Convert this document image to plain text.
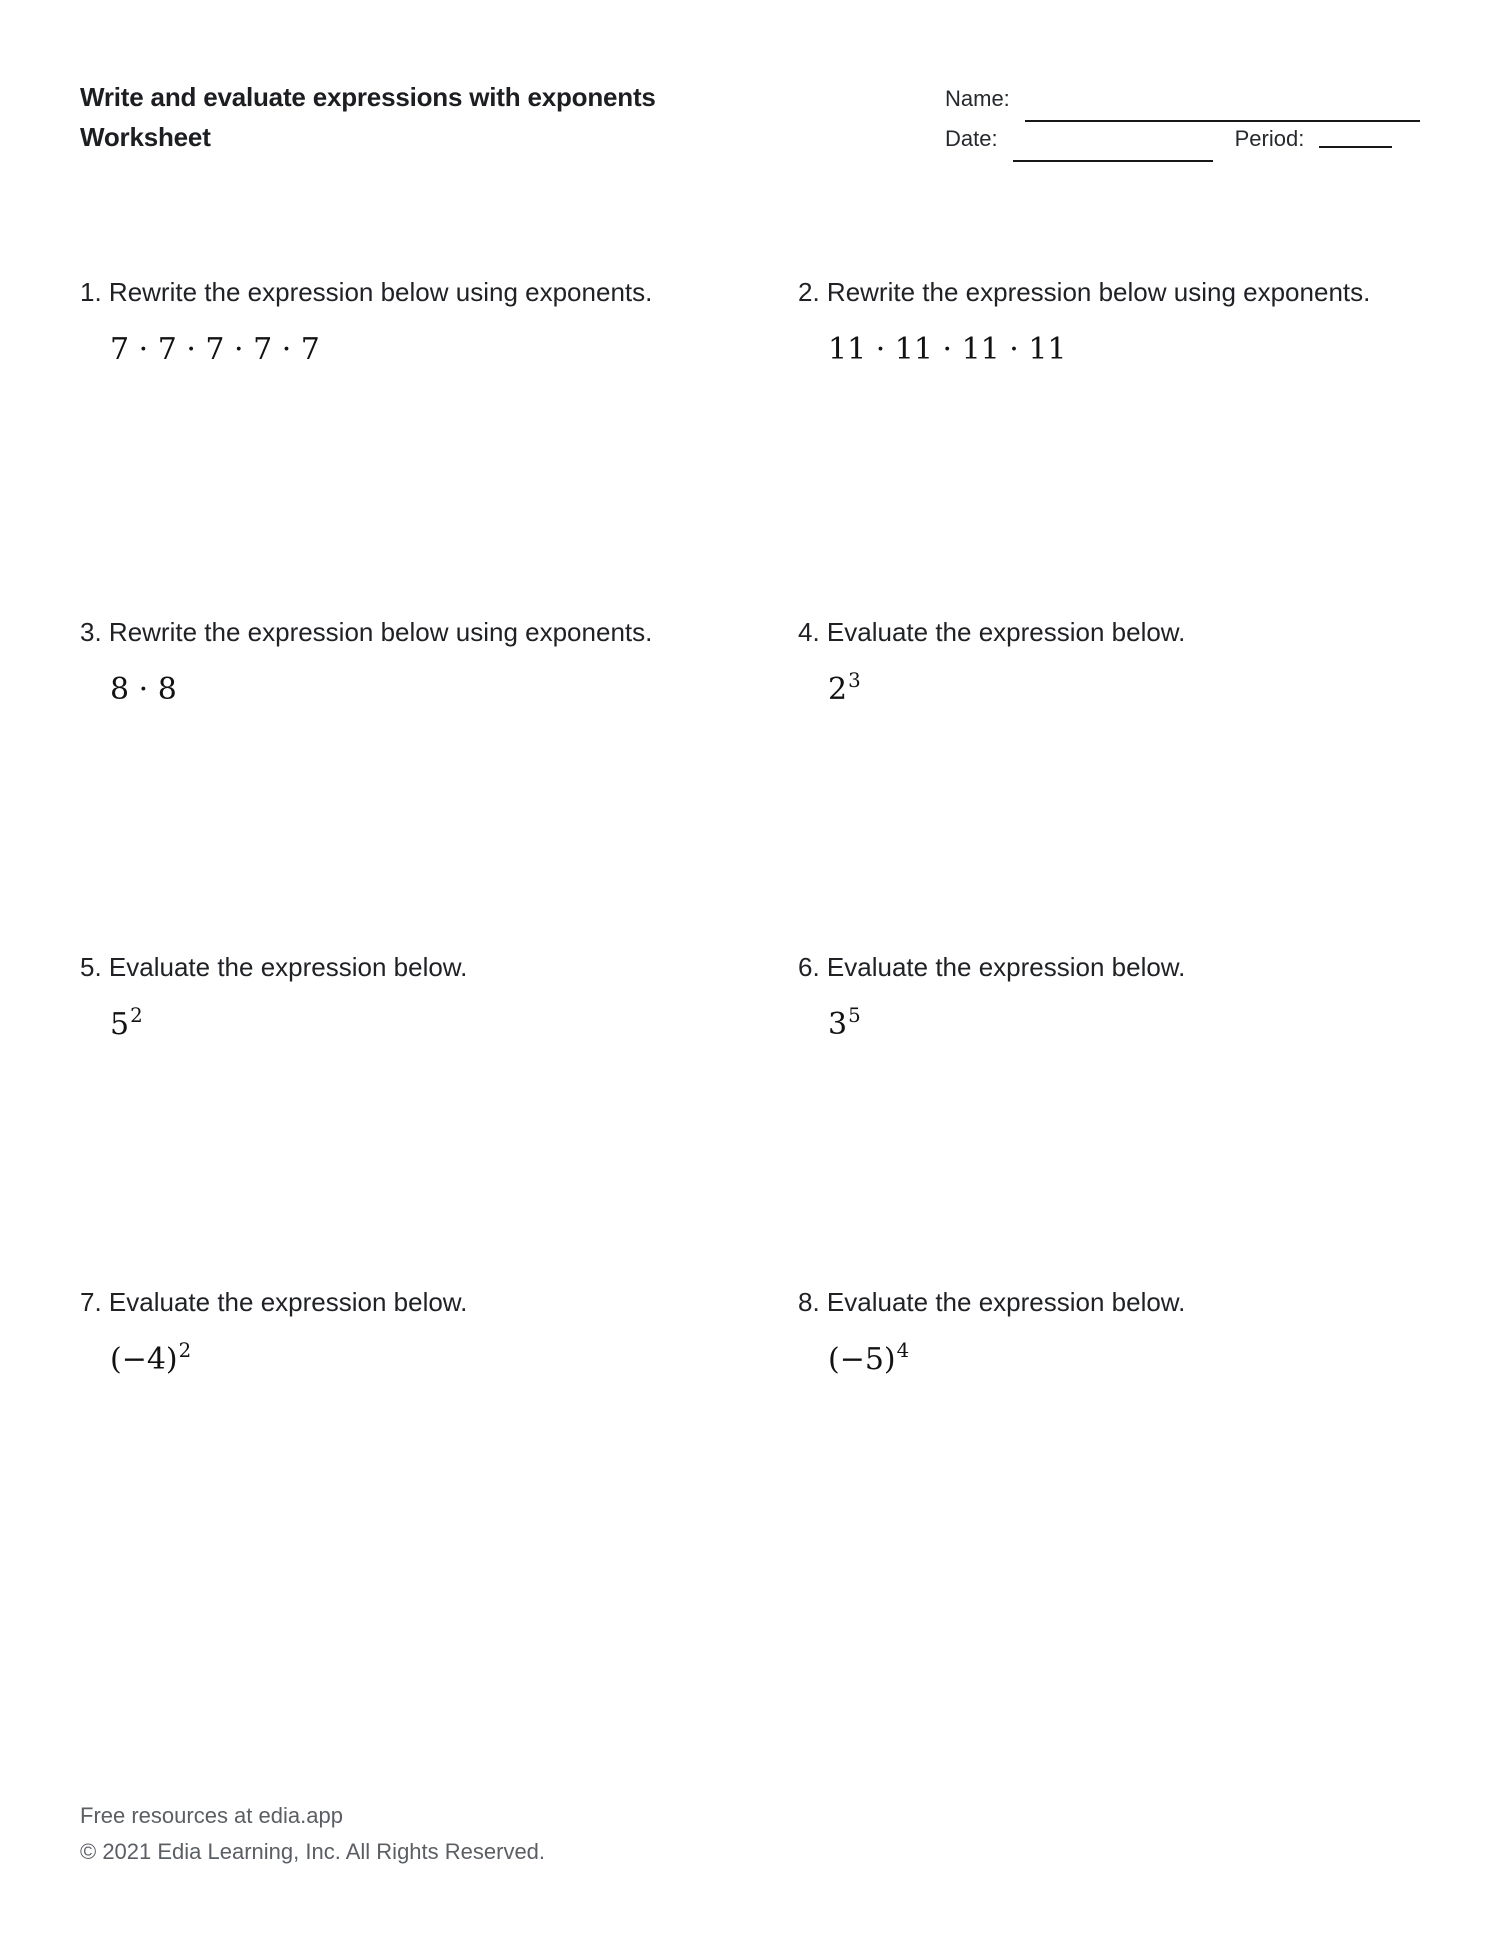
Write and evaluate expressions with exponents
Worksheet
Name:
Date:	Period:
1. Rewrite the expression below using exponents.
7 · 7 · 7 · 7 · 7
2. Rewrite the expression below using exponents.
11 · 11 · 11 · 11
3. Rewrite the expression below using exponents.
8 · 8
4. Evaluate the expression below.
$2^3$
5. Evaluate the expression below.
$5^2$
6. Evaluate the expression below.
$3^5$
7. Evaluate the expression below.
$(-4)^2$
8. Evaluate the expression below.
$(-5)^4$
Free resources at edia.app
© 2021 Edia Learning, Inc. All Rights Reserved.
